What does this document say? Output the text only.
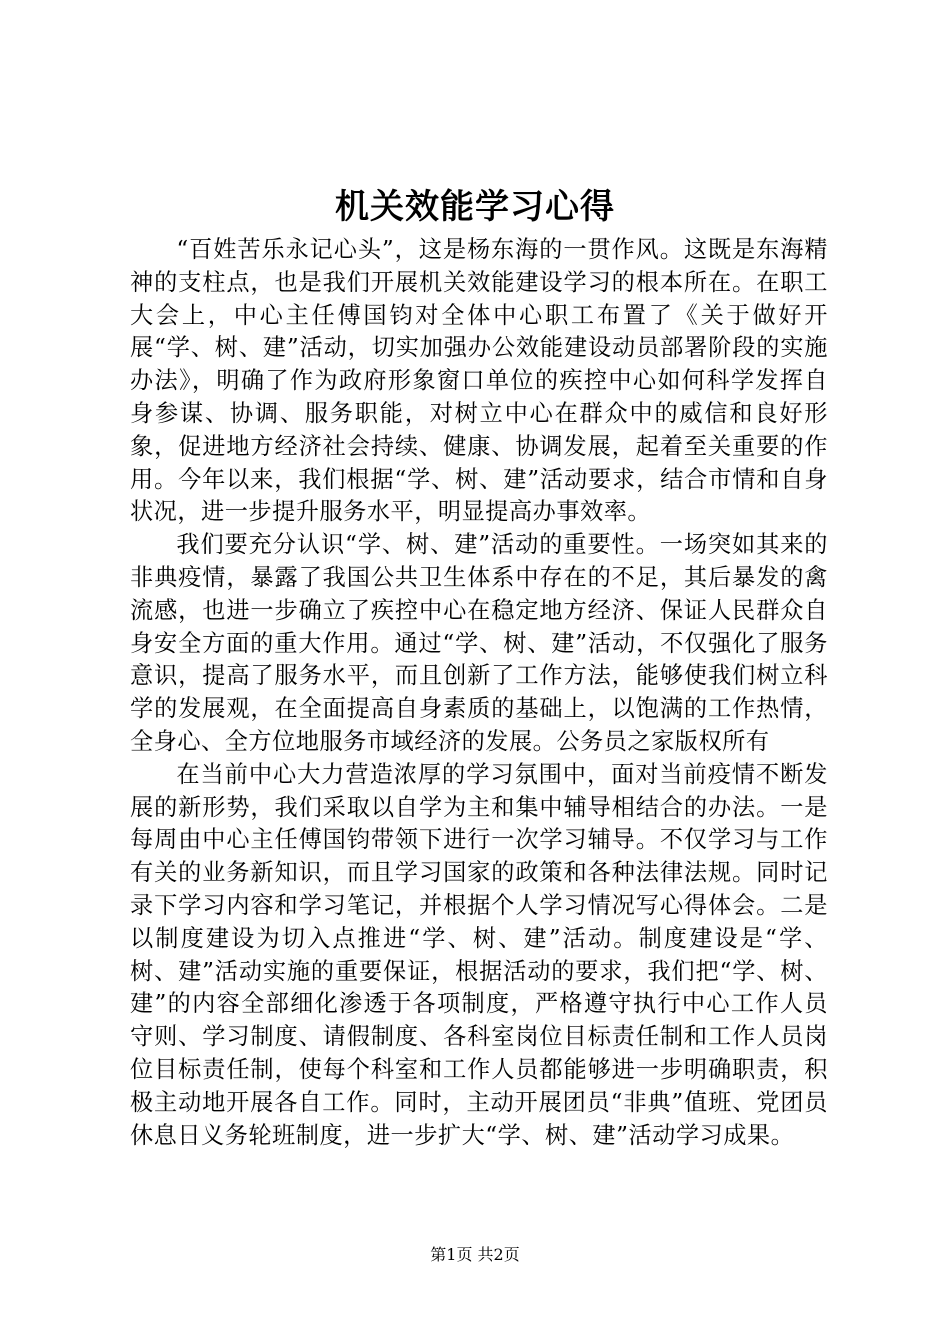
机关效能学习心得

“百姓苦乐永记心头”，这是杨东海的一贯作风。这既是东海精神的支柱点，也是我们开展机关效能建设学习的根本所在。在职工大会上，中心主任傅国钧对全体中心职工布置了《关于做好开展“学、树、建”活动，切实加强办公效能建设动员部署阶段的实施办法》，明确了作为政府形象窗口单位的疾控中心如何科学发挥自身参谋、协调、服务职能，对树立中心在群众中的威信和良好形象，促进地方经济社会持续、健康、协调发展，起着至关重要的作用。今年以来，我们根据“学、树、建”活动要求，结合市情和自身状况，进一步提升服务水平，明显提高办事效率。

我们要充分认识“学、树、建”活动的重要性。一场突如其来的非典疫情，暴露了我国公共卫生体系中存在的不足，其后暴发的禽流感，也进一步确立了疾控中心在稳定地方经济、保证人民群众自身安全方面的重大作用。通过“学、树、建”活动，不仅强化了服务意识，提高了服务水平，而且创新了工作方法，能够使我们树立科学的发展观，在全面提高自身素质的基础上，以饱满的工作热情，全身心、全方位地服务市域经济的发展。公务员之家版权所有

在当前中心大力营造浓厚的学习氛围中，面对当前疫情不断发展的新形势，我们采取以自学为主和集中辅导相结合的办法。一是每周由中心主任傅国钧带领下进行一次学习辅导。不仅学习与工作有关的业务新知识，而且学习国家的政策和各种法律法规。同时记录下学习内容和学习笔记，并根据个人学习情况写心得体会。二是以制度建设为切入点推进“学、树、建”活动。制度建设是“学、树、建”活动实施的重要保证，根据活动的要求，我们把“学、树、建”的内容全部细化渗透于各项制度，严格遵守执行中心工作人员守则、学习制度、请假制度、各科室岗位目标责任制和工作人员岗位目标责任制，使每个科室和工作人员都能够进一步明确职责，积极主动地开展各自工作。同时，主动开展团员“非典”值班、党团员休息日义务轮班制度，进一步扩大“学、树、建”活动学习成果。

第1页 共2页
